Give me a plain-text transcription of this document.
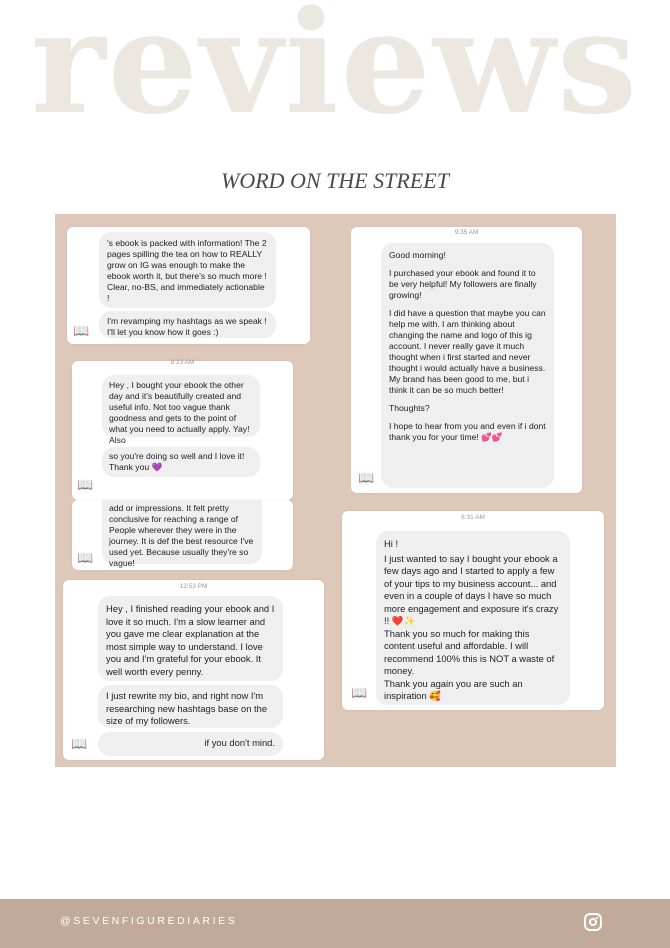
reviews
WORD ON THE STREET
's ebook is packed with information! The 2 pages spilling the tea on how to REALLY grow on IG was enough to make the ebook worth it, but there's so much more ! Clear, no-BS, and immediately actionable !
I'm revamping my hashtags as we speak ! I'll let you know how it goes :)
📖
8:23 AM
Hey , I bought your ebook the other day and it's beautifully created and useful info. Not too vague thank goodness and gets to the point of what you need to actually apply. Yay! Also
so you're doing so well and I love it! Thank you 💜
📖
add or impressions. It felt pretty conclusive for reaching a range of People wherever they were in the journey. It is def the best resource I've used yet. Because usually they're so vague!
📖
12:53 PM
Hey , I finished reading your ebook and I love it so much. I'm a slow learner and you gave me clear explanation at the most simple way to understand. I love you and I'm grateful for your ebook. It well worth every penny.
I just rewrite my bio, and right now I'm researching new hashtags base on the size of my followers.
if you don't mind.
📖
9:35 AM

Good morning!

I purchased your ebook and found it to be very helpful! My followers are finally growing!

I did have a question that maybe you can help me with. I am thinking about changing the name and logo of this ig account. I never really gave it much thought when i first started and never thought i would actually have a business. My brand has been good to me, but i think it can be so much better!

Thoughts?

I hope to hear from you and even if i dont thank you for your time! 💕💕

📖
6:31 AM

Hi !

I just wanted to say I bought your ebook a few days ago and I started to apply a few of your tips to my business account... and even in a couple of days I have so much more engagement and exposure it's crazy !! ❤️✨

Thank you so much for making this content useful and affordable. I will recommend 100% this is NOT a waste of money.

Thank you again you are such an inspiration 🥰

📖
@SEVENFIGUREDIARIES
